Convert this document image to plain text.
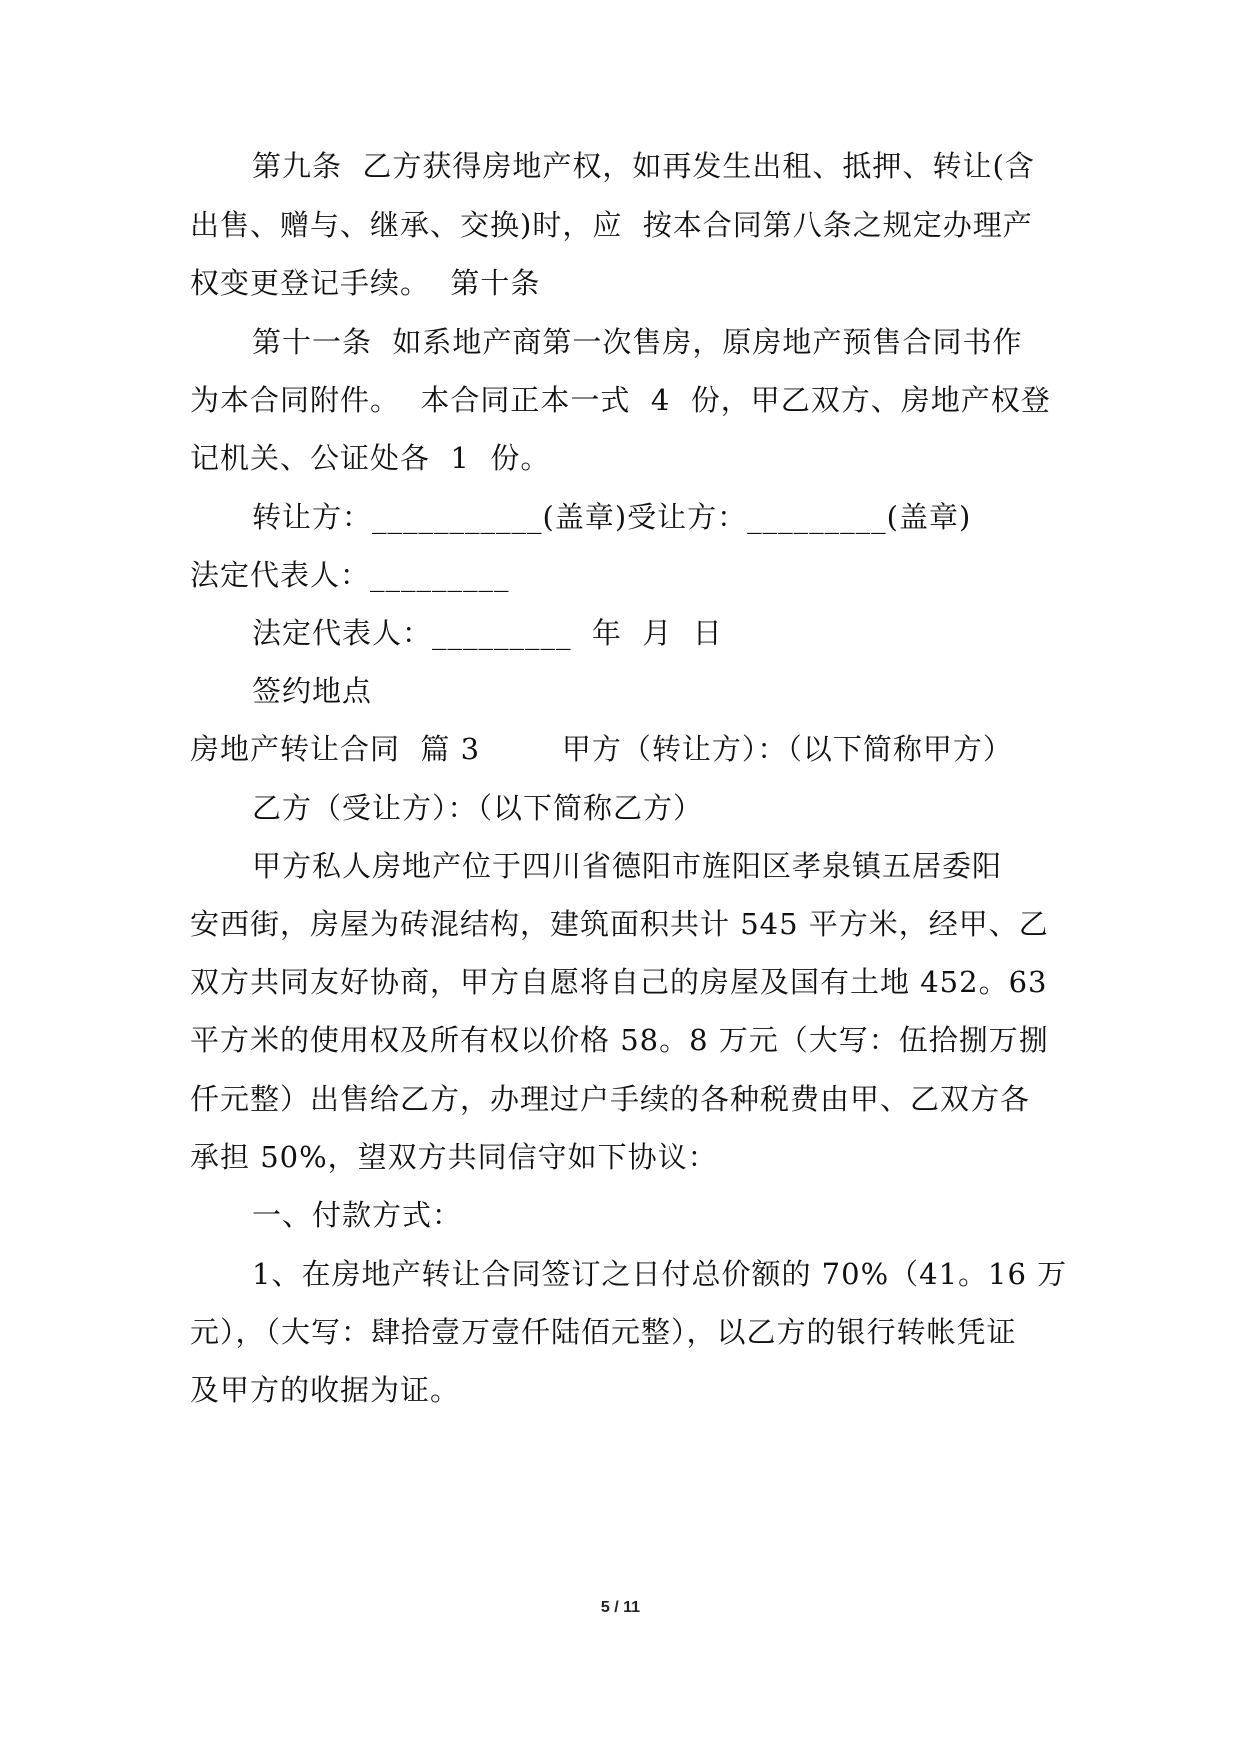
第九条  乙方获得房地产权，如再发生出租、抵押、转让(含
出售、赠与、继承、交换)时，应  按本合同第八条之规定办理产
权变更登记手续。  第十条
第十一条  如系地产商第一次售房，原房地产预售合同书作
为本合同附件。  本合同正本一式  4  份，甲乙双方、房地产权登
记机关、公证处各  1  份。
转让方：___________(盖章)受让方：_________(盖章)
法定代表人：_________
法定代表人：_________  年  月  日
签约地点
房地产转让合同  篇 3        甲方（转让方）：（以下简称甲方）
乙方（受让方）：（以下简称乙方）
甲方私人房地产位于四川省德阳市旌阳区孝泉镇五居委阳
安西街，房屋为砖混结构，建筑面积共计 545 平方米，经甲、乙
双方共同友好协商，甲方自愿将自己的房屋及国有土地 452。63
平方米的使用权及所有权以价格 58。8 万元（大写：伍拾捌万捌
仟元整）出售给乙方，办理过户手续的各种税费由甲、乙双方各
承担 50%，望双方共同信守如下协议：
一、付款方式：
1、在房地产转让合同签订之日付总价额的 70%（41。16 万
元），（大写：肆拾壹万壹仟陆佰元整），以乙方的银行转帐凭证
及甲方的收据为证。
5 / 11
